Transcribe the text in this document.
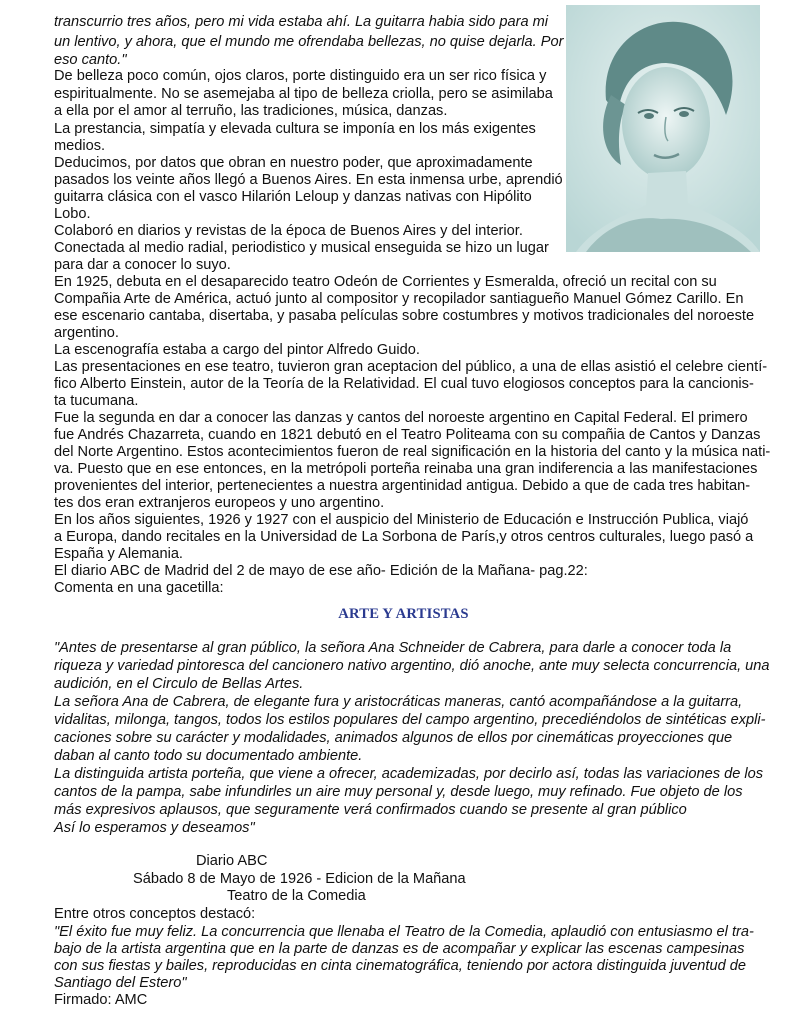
transcurrio tres años, pero mi vida estaba ahí. La guitarra habia sido para mi
un lentivo, y ahora, que el mundo me ofrendaba bellezas, no quise dejarla. Por
eso canto."
De belleza poco común, ojos claros, porte distinguido era un ser rico física y
espiritualmente. No se asemejaba al tipo de belleza criolla, pero se asimilaba
a ella por el amor al terruño, las tradiciones, música, danzas.
La prestancia, simpatía y elevada cultura se imponía en los más exigentes
medios.
Deducimos, por datos que obran en nuestro poder, que aproximadamente
pasados los veinte años llegó a Buenos Aires. En esta inmensa urbe, aprendió
guitarra clásica con el vasco Hilarión Leloup y danzas nativas con Hipólito
Lobo.
Colaboró en diarios y revistas de la época de Buenos Aires y del interior.
Conectada al medio radial, periodistico y musical enseguida se hizo un lugar
para dar a conocer lo suyo.
En 1925, debuta en el desaparecido teatro Odeón de Corrientes y Esmeralda, ofreció un recital con su
Compañia Arte de América, actuó junto al compositor y recopilador santiagueño Manuel Gómez Carillo. En
ese escenario cantaba, disertaba, y pasaba películas sobre costumbres y motivos tradicionales del noroeste
argentino.
La escenografía estaba a cargo del pintor Alfredo Guido.
Las presentaciones en ese teatro, tuvieron gran aceptacion del público, a una de ellas asistió el celebre cientí-
fico Alberto Einstein, autor de la Teoría de la Relatividad. El cual tuvo elogiosos conceptos para la cancionis-
ta tucumana.
Fue la segunda en dar a conocer las danzas y cantos del noroeste argentino en Capital Federal. El primero
fue Andrés Chazarreta, cuando en 1821 debutó en el Teatro Politeama con su compañia de Cantos y Danzas
del Norte Argentino. Estos acontecimientos fueron de real significación en la historia del canto y la música nati-
va. Puesto que en ese entonces, en la metrópoli porteña reinaba una gran indiferencia a las manifestaciones
provenientes del interior, pertenecientes a nuestra argentinidad antigua. Debido a que de cada tres habitan-
tes dos eran extranjeros europeos y uno argentino.
En los años siguientes, 1926 y 1927 con el auspicio del Ministerio de Educación e Instrucción Publica, viajó
a Europa, dando recitales en la Universidad de La Sorbona de París,y otros centros culturales, luego pasó a
España y Alemania.
El diario ABC de Madrid del 2 de mayo de ese año- Edición de la Mañana- pag.22:
Comenta en una gacetilla:
ARTE Y ARTISTAS
"Antes de presentarse al gran público, la señora Ana Schneider de Cabrera, para darle a conocer toda la
riqueza y variedad pintoresca del cancionero nativo argentino, dió anoche, ante muy selecta concurrencia, una
audición, en el Circulo de Bellas Artes.
La señora Ana de Cabrera, de elegante fura y aristocráticas maneras, cantó acompañándose a la guitarra,
vidalitas, milonga, tangos, todos los estilos populares del campo argentino, precediéndolos de sintéticas expli-
caciones sobre su carácter y modalidades, animados algunos de ellos por cinemáticas proyecciones que
daban al canto todo su documentado ambiente.
La distinguida artista porteña, que viene a ofrecer, academizadas, por decirlo así, todas las variaciones de los
cantos de la pampa, sabe infundirles un aire muy personal y, desde luego, muy refinado. Fue objeto de los
más expresivos aplausos, que seguramente verá confirmados cuando se presente al gran público
Así lo esperamos y deseamos"
Diario ABC
Sábado 8 de Mayo de 1926 - Edicion de la Mañana
Teatro de la Comedia
Entre otros conceptos destacó:
"El éxito fue muy feliz. La concurrencia que llenaba el Teatro de la Comedia, aplaudió con entusiasmo el tra-
bajo de la artista argentina que en la parte de danzas es de acompañar y explicar las escenas campesinas
con sus fiestas y bailes, reproducidas en cinta cinematográfica, teniendo por actora distinguida juventud de
Santiago del Estero"
Firmado: AMC
